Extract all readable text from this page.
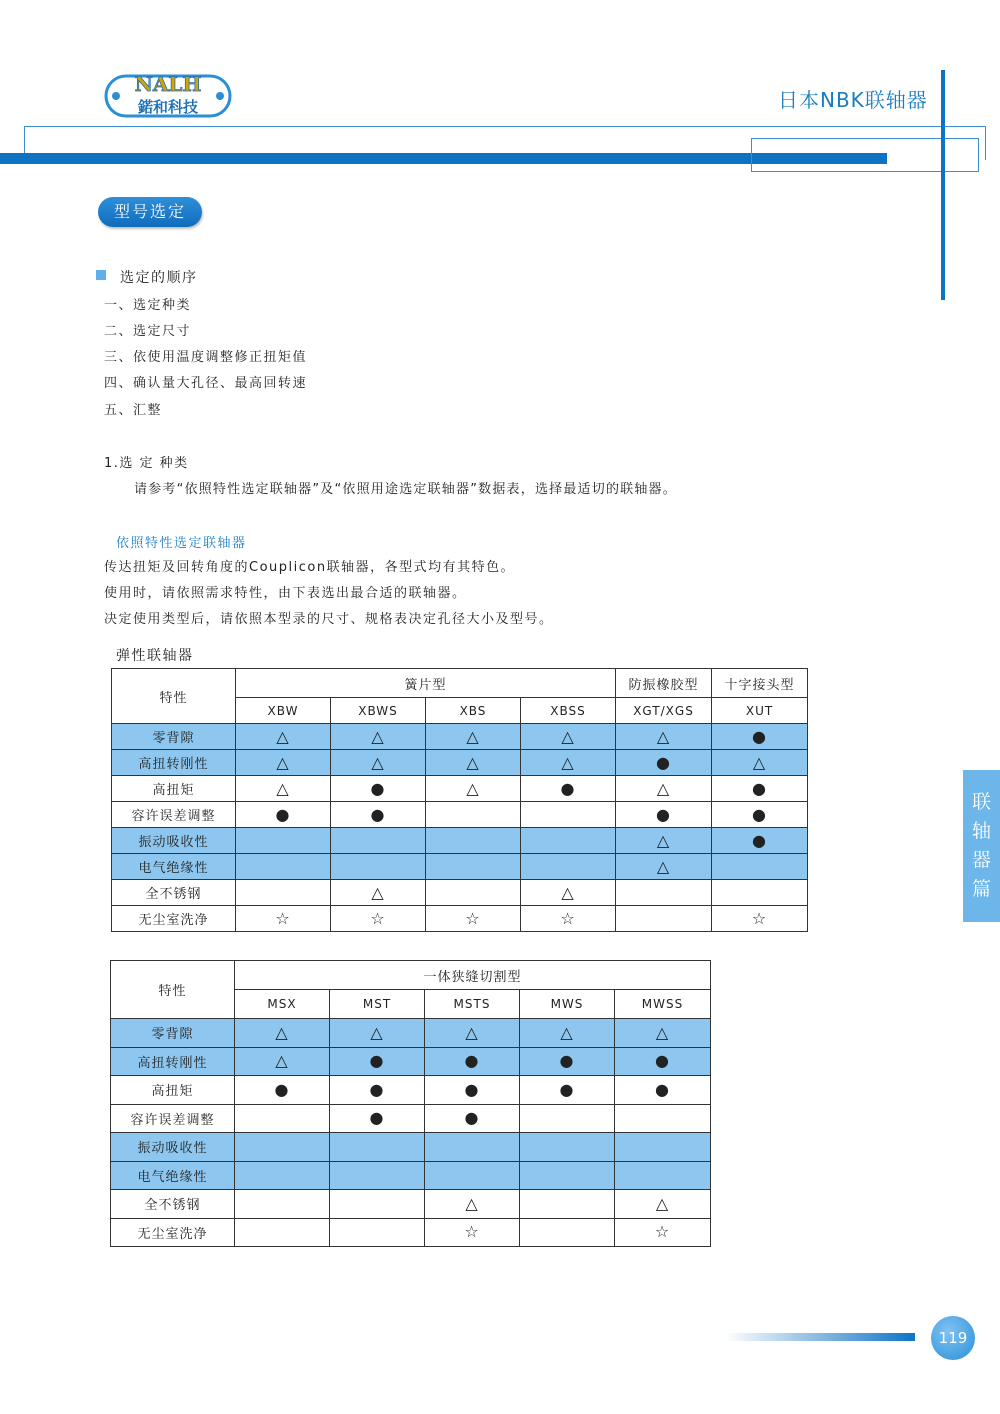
NALH
鍩和科技	日本NBK联轴器
型号选定
选定的顺序
一、选定种类
二、选定尺寸
三、依使用温度调整修正扭矩值
四、确认量大孔径、最高回转速
五、汇整
1.选 定 种类
请参考“依照特性选定联轴器”及“依照用途选定联轴器”数据表，选择最适切的联轴器。
依照特性选定联轴器
传达扭矩及回转角度的Couplicon联轴器，各型式均有其特色。
使用时，请依照需求特性，由下表选出最合适的联轴器。
决定使用类型后，请依照本型录的尺寸、规格表决定孔径大小及型号。
弹性联轴器
特性	簧片型				防振橡胶型	十字接头型
	XBW	XBWS	XBS	XBSS	XGT/XGS	XUT
零背隙	△	△	△	△	△	●
高扭转刚性	△	△	△	△	●	△
高扭矩	△	●	△	●	△	●
容许误差调整	●	●			●	●
振动吸收性					△	●
电气绝缘性					△	
全不锈钢		△		△		
无尘室洗净	☆	☆	☆	☆		☆
特性	一体狭缝切割型				
	MSX	MST	MSTS	MWS	MWSS
零背隙	△	△	△	△	△
高扭转刚性	△	●	●	●	●
高扭矩	●	●	●	●	●
容许误差调整		●	●		
振动吸收性					
电气绝缘性					
全不锈钢			△		△
无尘室洗净			☆		☆
联
轴
器
篇
119
